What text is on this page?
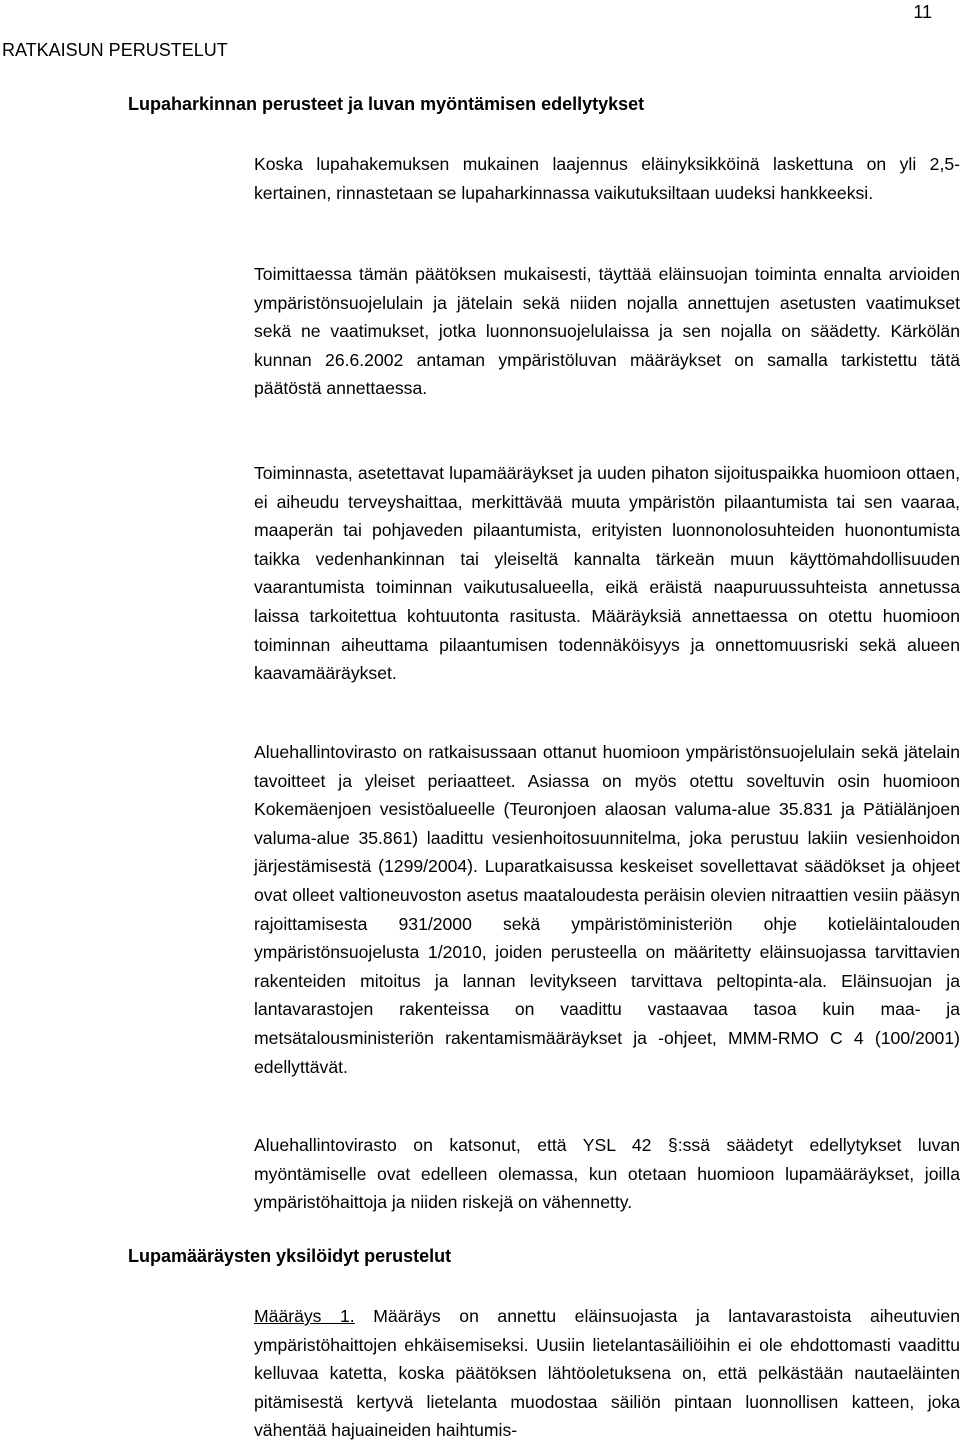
11
RATKAISUN PERUSTELUT
Lupaharkinnan perusteet ja luvan myöntämisen edellytykset

Koska lupahakemuksen mukainen laajennus eläinyksikköinä laskettuna on yli 2,5-kertainen, rinnastetaan se lupaharkinnassa vaikutuksiltaan uudeksi hankkeeksi.

Toimittaessa tämän päätöksen mukaisesti, täyttää eläinsuojan toiminta ennalta arvioiden ympäristönsuojelulain ja jätelain sekä niiden nojalla annettujen asetusten vaatimukset sekä ne vaatimukset, jotka luonnonsuojelulaissa ja sen nojalla on säädetty. Kärkölän kunnan 26.6.2002 antaman ympäristöluvan määräykset on samalla tarkistettu tätä päätöstä annettaessa.

Toiminnasta, asetettavat lupamääräykset ja uuden pihaton sijoituspaikka huomioon ottaen, ei aiheudu terveyshaittaa, merkittävää muuta ympäristön pilaantumista tai sen vaaraa, maaperän tai pohjaveden pilaantumista, erityisten luonnonolosuhteiden huonontumista taikka vedenhankinnan tai yleiseltä kannalta tärkeän muun käyttömahdollisuuden vaarantumista toiminnan vaikutusalueella, eikä eräistä naapuruussuhteista annetussa laissa tarkoitettua kohtuutonta rasitusta. Määräyksiä annettaessa on otettu huomioon toiminnan aiheuttama pilaantumisen todennäköisyys ja onnettomuusriski sekä alueen kaavamääräykset.

Aluehallintovirasto on ratkaisussaan ottanut huomioon ympäristönsuojelulain sekä jätelain tavoitteet ja yleiset periaatteet. Asiassa on myös otettu soveltuvin osin huomioon Kokemäenjoen vesistöalueelle (Teuronjoen alaosan valuma-alue 35.831 ja Pätiälänjoen valuma-alue 35.861) laadittu vesienhoitosuunnitelma, joka perustuu lakiin vesienhoidon järjestämisestä (1299/2004). Luparatkaisussa keskeiset sovellettavat säädökset ja ohjeet ovat olleet valtioneuvoston asetus maataloudesta peräisin olevien nitraattien vesiin pääsyn rajoittamisesta 931/2000 sekä ympäristöministeriön ohje kotieläintalouden ympäristönsuojelusta 1/2010, joiden perusteella on määritetty eläinsuojassa tarvittavien rakenteiden mitoitus ja lannan levitykseen tarvittava peltopinta-ala. Eläinsuojan ja lantavarastojen rakenteissa on vaadittu vastaavaa tasoa kuin maa- ja metsätalousministeriön rakentamismääräykset ja -ohjeet, MMM-RMO C 4 (100/2001) edellyttävät.

Aluehallintovirasto on katsonut, että YSL 42 §:ssä säädetyt edellytykset luvan myöntämiselle ovat edelleen olemassa, kun otetaan huomioon lupamääräykset, joilla ympäristöhaittoja ja niiden riskejä on vähennetty.

Lupamääräysten yksilöidyt perustelut

Määräys 1. Määräys on annettu eläinsuojasta ja lantavarastoista aiheutuvien ympäristöhaittojen ehkäisemiseksi. Uusiin lietelantasäiliöihin ei ole ehdottomasti vaadittu kelluvaa katetta, koska päätöksen lähtöoletuksena on, että pelkästään nautaeläinten pitämisestä kertyvä lietelanta muodostaa säiliön pintaan luonnollisen katteen, joka vähentää hajuaineiden haihtumis-
